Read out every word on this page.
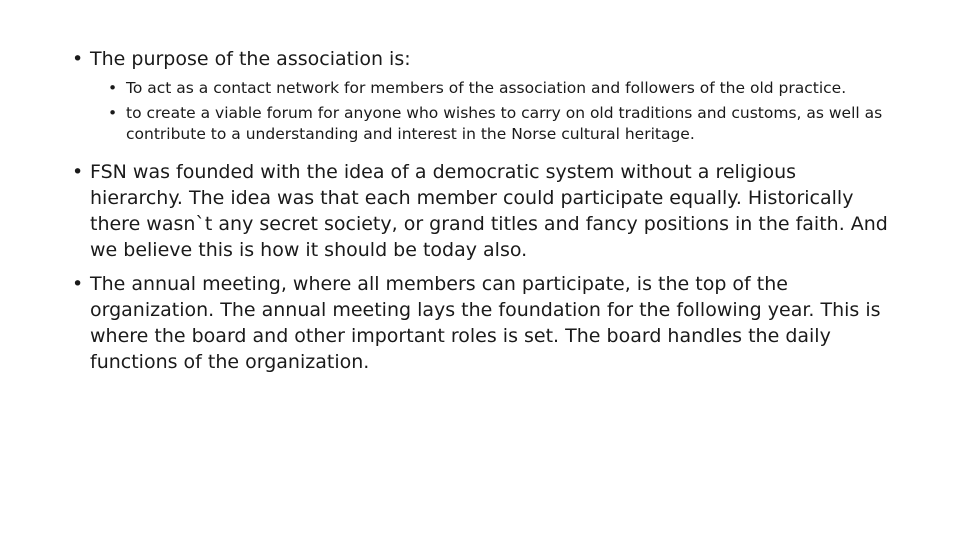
• The purpose of the association is:
• To act as a contact network for members of the association and followers of the old practice.
• to create a viable forum for anyone who wishes to carry on old traditions and customs, as well as contribute to a understanding and interest in the Norse cultural heritage.
• FSN was founded with the idea of a democratic system without a religious hierarchy. The idea was that each member could participate equally. Historically there wasn`t any secret society, or grand titles and fancy positions in the faith. And we believe this is how it should be today also.
• The annual meeting, where all members can participate, is the top of the organization. The annual meeting lays the foundation for the following year. This is where the board and other important roles is set. The board handles the daily functions of the organization.
